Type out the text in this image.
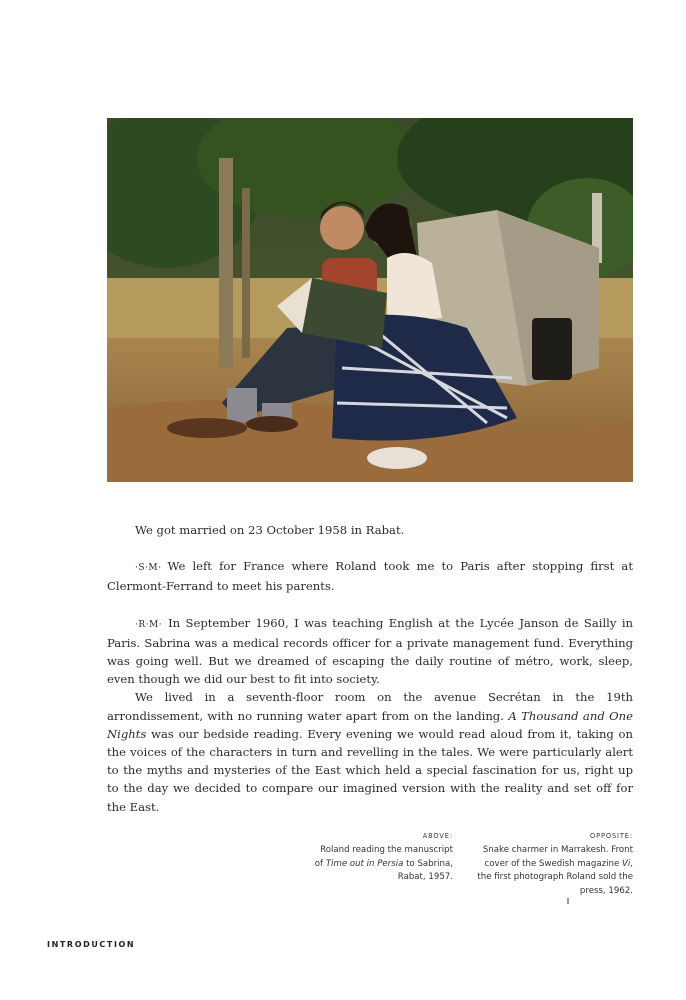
We got married on 23 October 1958 in Rabat.

·S·M· We left for France where Roland took me to Paris after stopping first at Clermont-Ferrand to meet his parents.

·R·M· In September 1960, I was teaching English at the Lycée Janson de Sailly in Paris. Sabrina was a medical records officer for a private management fund. Everything was going well. But we dreamed of escaping the daily routine of métro, work, sleep, even though we did our best to fit into society.

We lived in a seventh-floor room on the avenue Secrétan in the 19th arrondissement, with no running water apart from on the landing. A Thousand and One Nights was our bedside reading. Every evening we would read aloud from it, taking on the voices of the characters in turn and revelling in the tales. We were particularly alert to the myths and mysteries of the East which held a special fascination for us, right up to the day we decided to compare our imagined version with the reality and set off for the East.

ABOVE:
Roland reading the manuscript of Time out in Persia to Sabrina, Rabat, 1957.
OPPOSITE:
Snake charmer in Marrakesh. Front cover of the Swedish magazine Vi, the first photograph Roland sold the press, 1962.
INTRODUCTION
